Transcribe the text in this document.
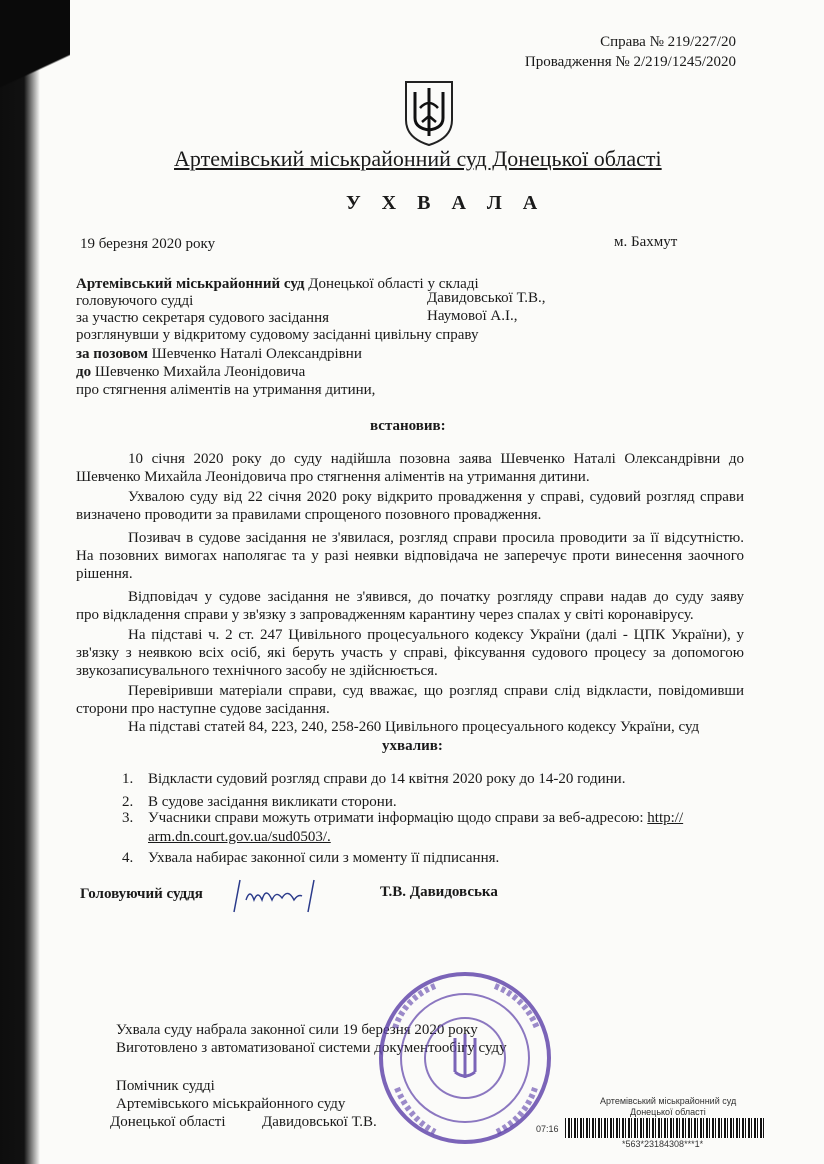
Справа № 219/227/20
Провадження № 2/219/1245/2020
Артемівський міськрайонний суд Донецької області
У Х В А Л А
19 березня 2020 року	м. Бахмут
Артемівський міськрайонний суд Донецької області у складі
головуючого судді	Давидовської Т.В.,
за участю секретаря судового засідання	Наумової А.І.,
розглянувши у відкритому судовому засіданні цивільну справу
за позовом Шевченко Наталі Олександрівни
до Шевченко Михайла Леонідовича
про стягнення аліментів на утримання дитини,
встановив:
10 січня 2020 року до суду надійшла позовна заява Шевченко Наталі Олександрівни до
Шевченко Михайла Леонідовича про стягнення аліментів на утримання дитини.
Ухвалою суду від 22 січня 2020 року відкрито провадження у справі, судовий розгляд справи
визначено проводити за правилами спрощеного позовного провадження.
Позивач в судове засідання не з'явилася, розгляд справи просила проводити за її відсутністю.
На позовних вимогах наполягає та у разі неявки відповідача не заперечує проти винесення заочного
рішення.
Відповідач у судове засідання не з'явився, до початку розгляду справи надав до суду заяву
про відкладення справи у зв'язку з запровадженням карантину через спалах у світі коронавірусу.
На підставі ч. 2 ст. 247 Цивільного процесуального кодексу України (далі - ЦПК України), у
зв'язку з неявкою всіх осіб, які беруть участь у справі, фіксування судового процесу за допомогою
звукозаписувального технічного засобу не здійснюється.
Перевіривши матеріали справи, суд вважає, що розгляд справи слід відкласти, повідомивши
сторони про наступне судове засідання.
На підставі статей 84, 223, 240, 258-260 Цивільного процесуального кодексу України, суд
ухвалив:
1. Відкласти судовий розгляд справи до 14 квітня 2020 року до 14-20 години.
2. В судове засідання викликати сторони.
3. Учасники справи можуть отримати інформацію щодо справи за веб-адресою: http://
arm.dn.court.gov.ua/sud0503/.
4. Ухвала набирає законної сили з моменту її підписання.
Головуючий суддя	Т.В. Давидовська
Ухвала суду набрала законної сили 19 березня 2020 року
Виготовлено з автоматизованої системи документообігу суду
Помічник судді
Артемівського міськрайонного суду
Донецької області Давидовської Т.В.	07:16
Артемівський міськрайонний суд
Донецької області
*563*23184308***1*
